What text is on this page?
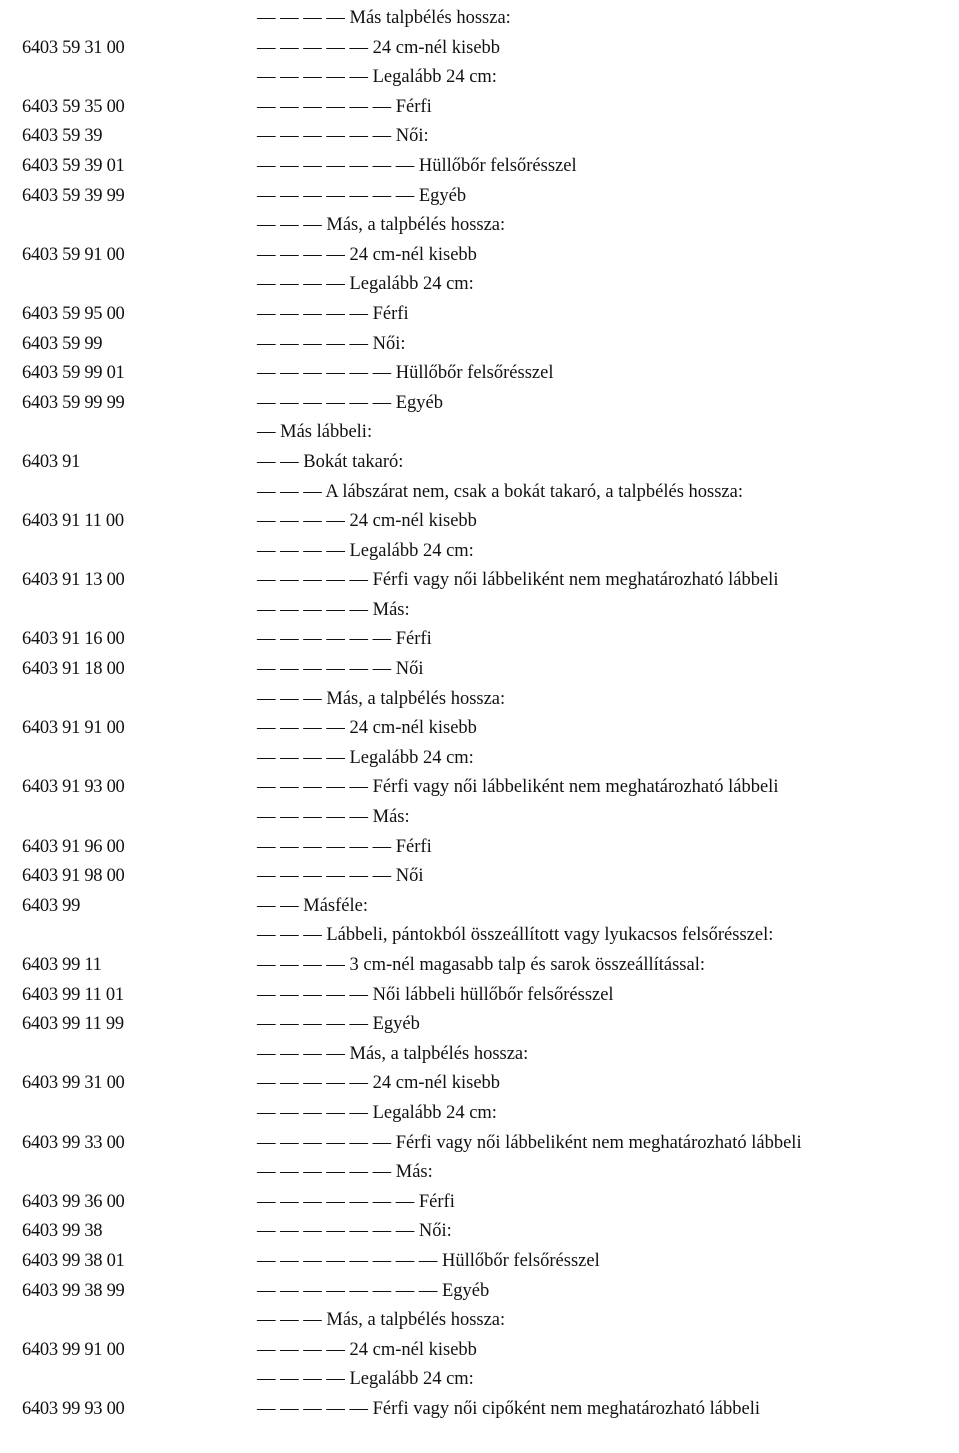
— — — — Más talpbélés hossza:
6403 59 31 00	— — — — — 24 cm-nél kisebb
— — — — — Legalább 24 cm:
6403 59 35 00	— — — — — — Férfi
6403 59 39	— — — — — — Női:
6403 59 39 01	— — — — — — — Hüllőbőr felsőrésszel
6403 59 39 99	— — — — — — — Egyéb
— — — Más, a talpbélés hossza:
6403 59 91 00	— — — — 24 cm-nél kisebb
— — — — Legalább 24 cm:
6403 59 95 00	— — — — — Férfi
6403 59 99	— — — — — Női:
6403 59 99 01	— — — — — — Hüllőbőr felsőrésszel
6403 59 99 99	— — — — — — Egyéb
— Más lábbeli:
6403 91	— — Bokát takaró:
— — — A lábszárat nem, csak a bokát takaró, a talpbélés hossza:
6403 91 11 00	— — — — 24 cm-nél kisebb
— — — — Legalább 24 cm:
6403 91 13 00	— — — — — Férfi vagy női lábbeliként nem meghatározható lábbeli
— — — — — Más:
6403 91 16 00	— — — — — — Férfi
6403 91 18 00	— — — — — — Női
— — — Más, a talpbélés hossza:
6403 91 91 00	— — — — 24 cm-nél kisebb
— — — — Legalább 24 cm:
6403 91 93 00	— — — — — Férfi vagy női lábbeliként nem meghatározható lábbeli
— — — — — Más:
6403 91 96 00	— — — — — — Férfi
6403 91 98 00	— — — — — — Női
6403 99	— — Másféle:
— — — Lábbeli, pántokból összeállított vagy lyukacsos felsőrésszel:
6403 99 11	— — — — 3 cm-nél magasabb talp és sarok összeállítással:
6403 99 11 01	— — — — — Női lábbeli hüllőbőr felsőrésszel
6403 99 11 99	— — — — — Egyéb
— — — — Más, a talpbélés hossza:
6403 99 31 00	— — — — — 24 cm-nél kisebb
— — — — — Legalább 24 cm:
6403 99 33 00	— — — — — — Férfi vagy női lábbeliként nem meghatározható lábbeli
— — — — — — Más:
6403 99 36 00	— — — — — — — Férfi
6403 99 38	— — — — — — — Női:
6403 99 38 01	— — — — — — — — Hüllőbőr felsőrésszel
6403 99 38 99	— — — — — — — — Egyéb
— — — Más, a talpbélés hossza:
6403 99 91 00	— — — — 24 cm-nél kisebb
— — — — Legalább 24 cm:
6403 99 93 00	— — — — — Férfi vagy női cipőként nem meghatározható lábbeli
